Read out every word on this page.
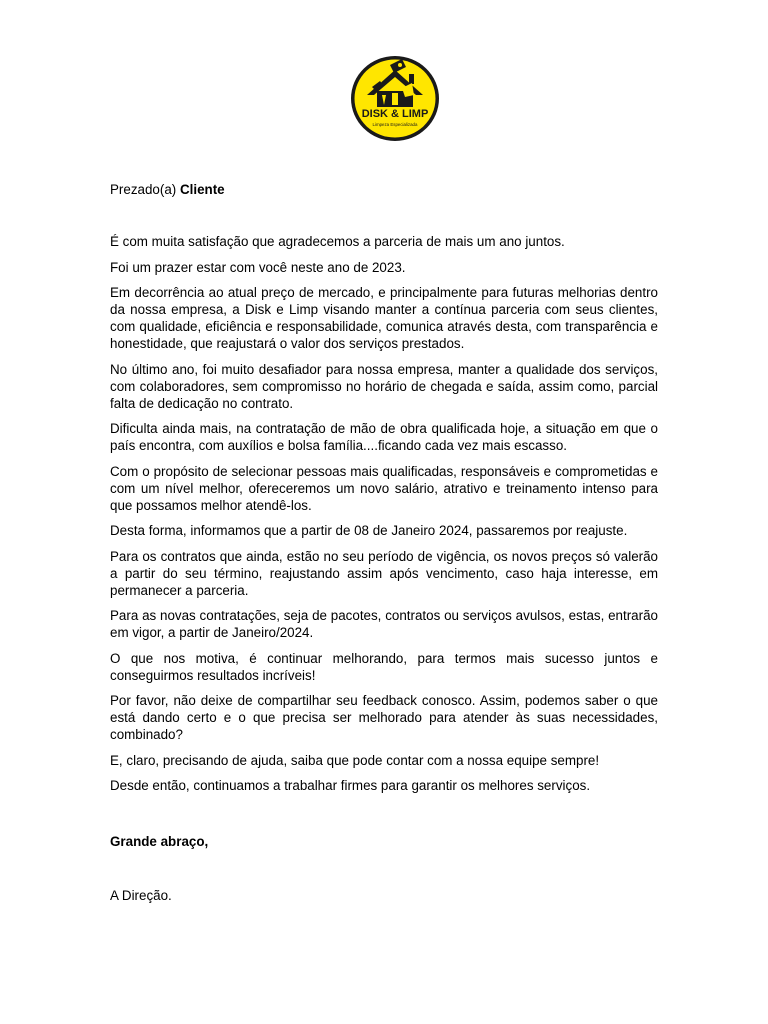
DISK & LIMP
Limpeza Especializada
Prezado(a) Cliente

É com muita satisfação que agradecemos a parceria de mais um ano juntos.

Foi um prazer estar com você neste ano de 2023.

Em decorrência ao atual preço de mercado, e principalmente para futuras melhorias dentro da nossa empresa, a Disk e Limp visando manter a contínua parceria com seus clientes, com qualidade, eficiência e responsabilidade, comunica através desta, com transparência e honestidade, que reajustará o valor dos serviços prestados.

No último ano, foi muito desafiador para nossa empresa, manter a qualidade dos serviços, com colaboradores, sem compromisso no horário de chegada e saída, assim como, parcial falta de dedicação no contrato.

Dificulta ainda mais, na contratação de mão de obra qualificada hoje, a situação em que o país encontra, com auxílios e bolsa família....ficando cada vez mais escasso.

Com o propósito de selecionar pessoas mais qualificadas, responsáveis e comprometidas e com um nível melhor, ofereceremos um novo salário, atrativo e treinamento intenso para que possamos melhor atendê-los.

Desta forma, informamos que a partir de 08 de Janeiro 2024, passaremos por reajuste.

Para os contratos que ainda, estão no seu período de vigência, os novos preços só valerão a partir do seu término, reajustando assim após vencimento, caso haja interesse, em permanecer a parceria.

Para as novas contratações, seja de pacotes, contratos ou serviços avulsos, estas, entrarão em vigor, a partir de Janeiro/2024.

O que nos motiva, é continuar melhorando, para termos mais sucesso juntos e conseguirmos resultados incríveis!

Por favor, não deixe de compartilhar seu feedback conosco. Assim, podemos saber o que está dando certo e o que precisa ser melhorado para atender às suas necessidades, combinado?

E, claro, precisando de ajuda, saiba que pode contar com a nossa equipe sempre!

Desde então, continuamos a trabalhar firmes para garantir os melhores serviços.

Grande abraço,
A Direção.
